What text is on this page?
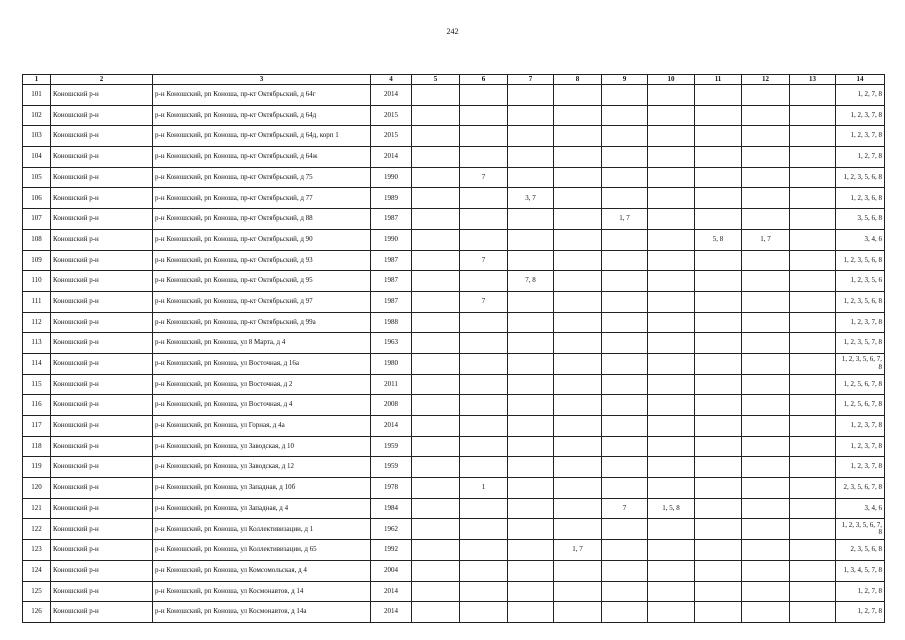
242
1	2	3	4	5	6	7	8	9	10	11	12	13	14
101	Коношский р-н	р-н Коношский, рп Коноша, пр-кт Октябрьский, д 64г	2014										1, 2, 7, 8
102	Коношский р-н	р-н Коношский, рп Коноша, пр-кт Октябрьский, д 64д	2015										1, 2, 3, 7, 8
103	Коношский р-н	р-н Коношский, рп Коноша, пр-кт Октябрьский, д 64д, корп 1	2015										1, 2, 3, 7, 8
104	Коношский р-н	р-н Коношский, рп Коноша, пр-кт Октябрьский, д 64ж	2014										1, 2, 7, 8
105	Коношский р-н	р-н Коношский, рп Коноша, пр-кт Октябрьский, д 75	1990		7								1, 2, 3, 5, 6, 8
106	Коношский р-н	р-н Коношский, рп Коноша, пр-кт Октябрьский, д 77	1989			3, 7							1, 2, 3, 6, 8
107	Коношский р-н	р-н Коношский, рп Коноша, пр-кт Октябрьский, д 88	1987					1, 7					3, 5, 6, 8
108	Коношский р-н	р-н Коношский, рп Коноша, пр-кт Октябрьский, д 90	1990							5, 8	1, 7		3, 4, 6
109	Коношский р-н	р-н Коношский, рп Коноша, пр-кт Октябрьский, д 93	1987		7								1, 2, 3, 5, 6, 8
110	Коношский р-н	р-н Коношский, рп Коноша, пр-кт Октябрьский, д 95	1987			7, 8							1, 2, 3, 5, 6
111	Коношский р-н	р-н Коношский, рп Коноша, пр-кт Октябрьский, д 97	1987		7								1, 2, 3, 5, 6, 8
112	Коношский р-н	р-н Коношский, рп Коноша, пр-кт Октябрьский, д 99а	1988										1, 2, 3, 7, 8
113	Коношский р-н	р-н Коношский, рп Коноша, ул 8 Марта, д 4	1963										1, 2, 3, 5, 7, 8
114	Коношский р-н	р-н Коношский, рп Коноша, ул Восточная, д 16а	1980										1, 2, 3, 5, 6, 7, 8
115	Коношский р-н	р-н Коношский, рп Коноша, ул Восточная, д 2	2011										1, 2, 5, 6, 7, 8
116	Коношский р-н	р-н Коношский, рп Коноша, ул Восточная, д 4	2008										1, 2, 5, 6, 7, 8
117	Коношский р-н	р-н Коношский, рп Коноша, ул Горная, д 4а	2014										1, 2, 3, 7, 8
118	Коношский р-н	р-н Коношский, рп Коноша, ул Заводская, д 10	1959										1, 2, 3, 7, 8
119	Коношский р-н	р-н Коношский, рп Коноша, ул Заводская, д 12	1959										1, 2, 3, 7, 8
120	Коношский р-н	р-н Коношский, рп Коноша, ул Западная, д 10б	1978		1								2, 3, 5, 6, 7, 8
121	Коношский р-н	р-н Коношский, рп Коноша, ул Западная, д 4	1984					7	1, 5, 8				3, 4, 6
122	Коношский р-н	р-н Коношский, рп Коноша, ул Коллективизации, д 1	1962										1, 2, 3, 5, 6, 7, 8
123	Коношский р-н	р-н Коношский, рп Коноша, ул Коллективизации, д 65	1992				1, 7						2, 3, 5, 6, 8
124	Коношский р-н	р-н Коношский, рп Коноша, ул Комсомольская, д 4	2004										1, 3, 4, 5, 7, 8
125	Коношский р-н	р-н Коношский, рп Коноша, ул Космонавтов, д 14	2014										1, 2, 7, 8
126	Коношский р-н	р-н Коношский, рп Коноша, ул Космонавтов, д 14а	2014										1, 2, 7, 8
